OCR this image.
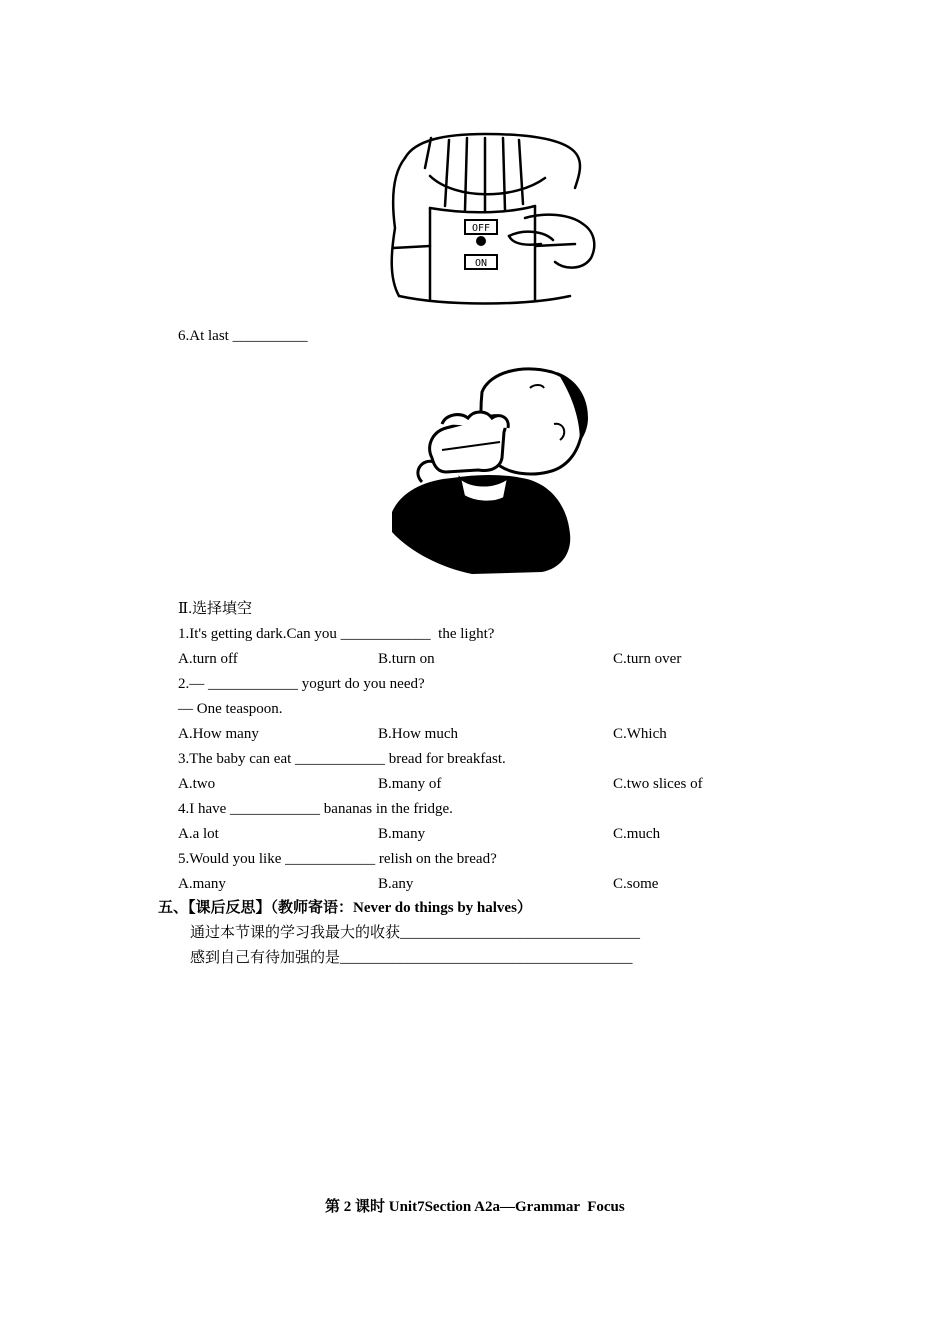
OFF
ON
6.At last __________
Ⅱ.选择填空
1.It's getting dark.Can you ____________  the light?
A.turn off	B.turn on	C.turn over
2.— ____________ yogurt do you need?
— One teaspoon.
A.How many	B.How much	C.Which
3.The baby can eat ____________ bread for breakfast.
A.two	B.many of	C.two slices of
4.I have ____________ bananas in the fridge.
A.a lot	B.many	C.much
5.Would you like ____________ relish on the bread?
A.many	B.any	C.some
五、【课后反思】（教师寄语：Never do things by halves）
通过本节课的学习我最大的收获________________________________
感到自己有待加强的是_______________________________________
第 2 课时 Unit7Section A2a—Grammar  Focus
